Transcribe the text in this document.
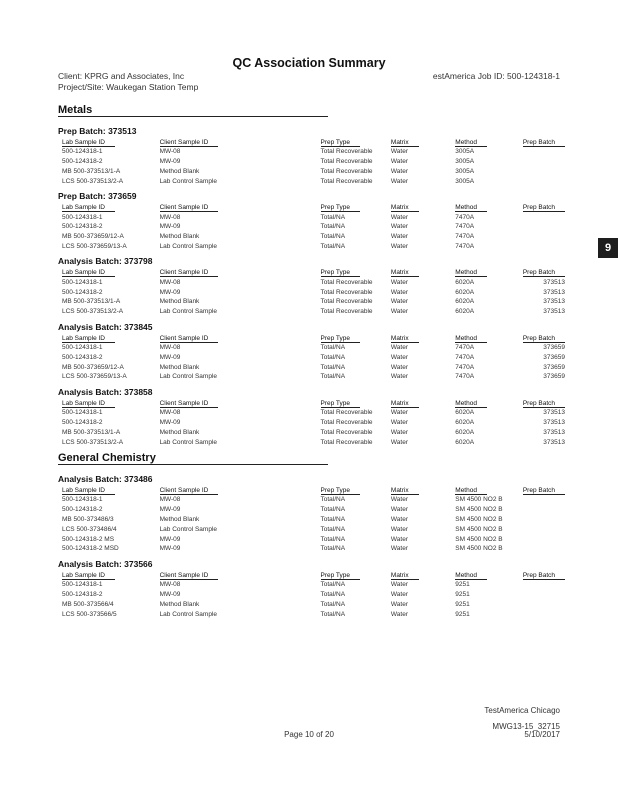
QC Association Summary
Client: KPRG and Associates, Inc
Project/Site: Waukegan Station Temp
estAmerica Job ID: 500-124318-1
9
Metals
Prep Batch: 373513
Lab Sample ID	Client Sample ID	Prep Type	Matrix	Method	Prep Batch
500-124318-1	MW-08	Total Recoverable	Water	3005A	
500-124318-2	MW-09	Total Recoverable	Water	3005A	
MB 500-373513/1-A	Method Blank	Total Recoverable	Water	3005A	
LCS 500-373513/2-A	Lab Control Sample	Total Recoverable	Water	3005A	
Prep Batch: 373659
Lab Sample ID	Client Sample ID	Prep Type	Matrix	Method	Prep Batch
500-124318-1	MW-08	Total/NA	Water	7470A	
500-124318-2	MW-09	Total/NA	Water	7470A	
MB 500-373659/12-A	Method Blank	Total/NA	Water	7470A	
LCS 500-373659/13-A	Lab Control Sample	Total/NA	Water	7470A	
Analysis Batch: 373798
Lab Sample ID	Client Sample ID	Prep Type	Matrix	Method	Prep Batch
500-124318-1	MW-08	Total Recoverable	Water	6020A	373513
500-124318-2	MW-09	Total Recoverable	Water	6020A	373513
MB 500-373513/1-A	Method Blank	Total Recoverable	Water	6020A	373513
LCS 500-373513/2-A	Lab Control Sample	Total Recoverable	Water	6020A	373513
Analysis Batch: 373845
Lab Sample ID	Client Sample ID	Prep Type	Matrix	Method	Prep Batch
500-124318-1	MW-08	Total/NA	Water	7470A	373659
500-124318-2	MW-09	Total/NA	Water	7470A	373659
MB 500-373659/12-A	Method Blank	Total/NA	Water	7470A	373659
LCS 500-373659/13-A	Lab Control Sample	Total/NA	Water	7470A	373659
Analysis Batch: 373858
Lab Sample ID	Client Sample ID	Prep Type	Matrix	Method	Prep Batch
500-124318-1	MW-08	Total Recoverable	Water	6020A	373513
500-124318-2	MW-09	Total Recoverable	Water	6020A	373513
MB 500-373513/1-A	Method Blank	Total Recoverable	Water	6020A	373513
LCS 500-373513/2-A	Lab Control Sample	Total Recoverable	Water	6020A	373513
General Chemistry
Analysis Batch: 373486
Lab Sample ID	Client Sample ID	Prep Type	Matrix	Method	Prep Batch
500-124318-1	MW-08	Total/NA	Water	SM 4500 NO2 B	
500-124318-2	MW-09	Total/NA	Water	SM 4500 NO2 B	
MB 500-373486/3	Method Blank	Total/NA	Water	SM 4500 NO2 B	
LCS 500-373486/4	Lab Control Sample	Total/NA	Water	SM 4500 NO2 B	
500-124318-2 MS	MW-09	Total/NA	Water	SM 4500 NO2 B	
500-124318-2 MSD	MW-09	Total/NA	Water	SM 4500 NO2 B	
Analysis Batch: 373566
Lab Sample ID	Client Sample ID	Prep Type	Matrix	Method	Prep Batch
500-124318-1	MW-08	Total/NA	Water	9251	
500-124318-2	MW-09	Total/NA	Water	9251	
MB 500-373566/4	Method Blank	Total/NA	Water	9251	
LCS 500-373566/5	Lab Control Sample	Total/NA	Water	9251	
TestAmerica Chicago
MWG13-15_32715
5/10/2017
Page 10 of 20
